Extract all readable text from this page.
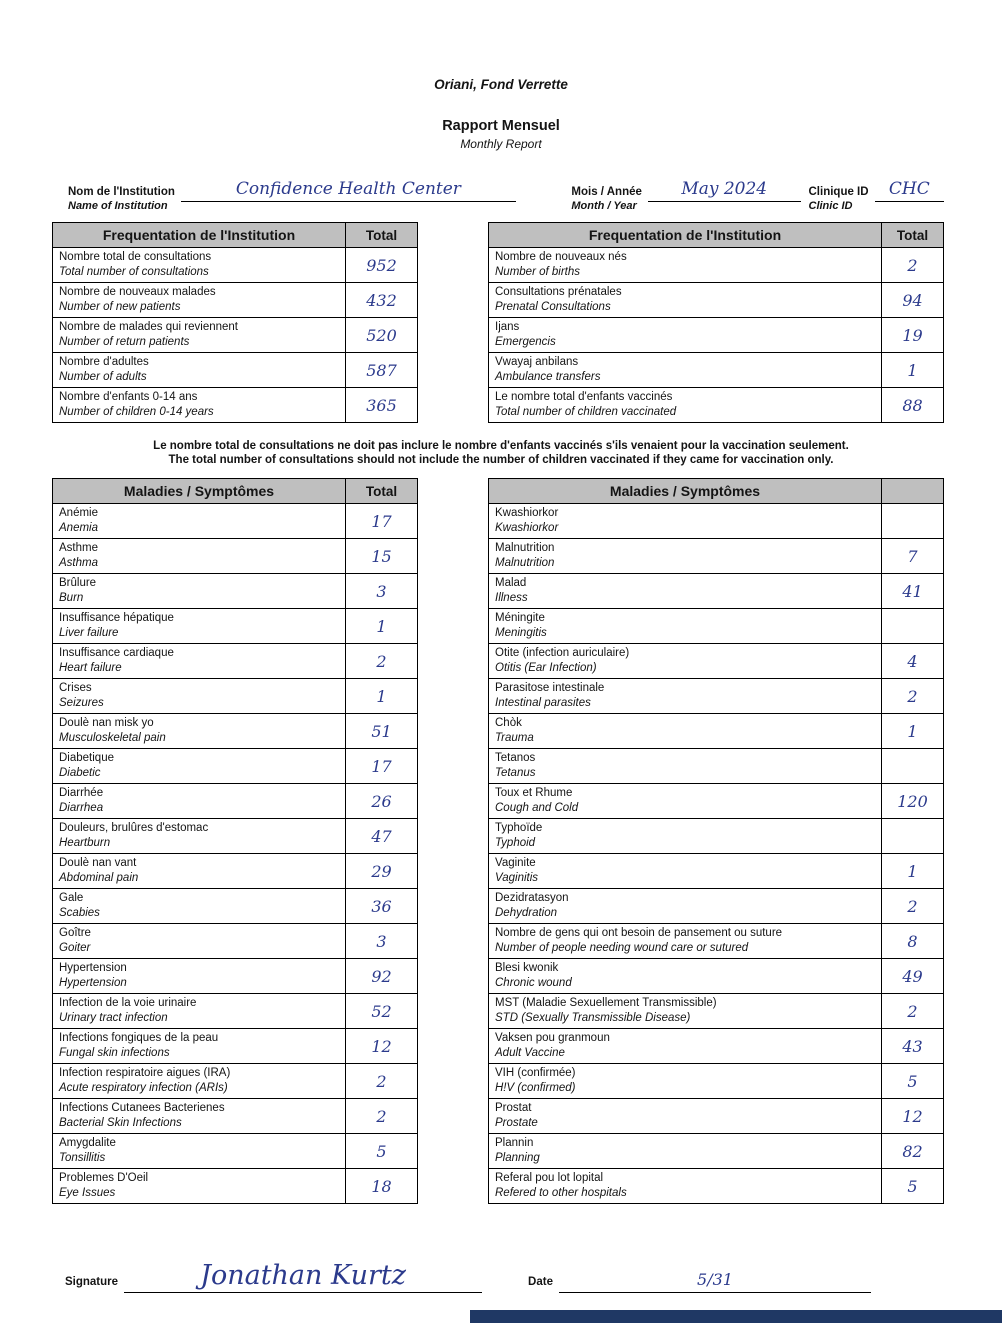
Oriani, Fond Verrette
Rapport Mensuel
Monthly Report
Nom de l'Institution
Name of Institution
Confidence Health Center	Mois / Année
Month / Year
May 2024	Clinique ID
Clinic ID
CHC
Frequentation de l'Institution	Total

Nombre total de consultations
Total number of consultations	952

Nombre de nouveaux malades
Number of new patients	432

Nombre de malades qui reviennent
Number of return patients	520

Nombre d'adultes
Number of adults	587

Nombre d'enfants 0-14 ans
Number of children 0-14 years	365
Frequentation de l'Institution	Total

Nombre de nouveaux nés
Number of births	2

Consultations prénatales
Prenatal Consultations	94

Ijans
Emergencis	19

Vwayaj anbilans
Ambulance transfers	1

Le nombre total d'enfants vaccinés
Total number of children vaccinated	88
Le nombre total de consultations ne doit pas inclure le nombre d'enfants vaccinés s'ils venaient pour la vaccination seulement.
The total number of consultations should not include the number of children vaccinated if they came for vaccination only.
Maladies / Symptômes	Total

Anémie
Anemia	17

Asthme
Asthma	15

Brûlure
Burn	3

Insuffisance hépatique
Liver failure	1

Insuffisance cardiaque
Heart failure	2

Crises
Seizures	1

Doulè nan misk yo
Musculoskeletal pain	51

Diabetique
Diabetic	17

Diarrhée
Diarrhea	26

Douleurs, brulûres d'estomac
Heartburn	47

Doulè nan vant
Abdominal pain	29

Gale
Scabies	36

Goître
Goiter	3

Hypertension
Hypertension	92

Infection de la voie urinaire
Urinary tract infection	52

Infections fongiques de la peau
Fungal skin infections	12

Infection respiratoire aigues (IRA)
Acute respiratory infection (ARIs)	2

Infections Cutanees Bacterienes
Bacterial Skin Infections	2

Amygdalite
Tonsillitis	5

Problemes D'Oeil
Eye Issues	18
Maladies / Symptômes	

Kwashiorkor
Kwashiorkor	

Malnutrition
Malnutrition	7

Malad
Illness	41

Méningite
Meningitis	

Otite (infection auriculaire)
Otitis (Ear Infection)	4

Parasitose intestinale
Intestinal parasites	2

Chòk
Trauma	1

Tetanos
Tetanus	

Toux et Rhume
Cough and Cold	120

Typhoïde
Typhoid	

Vaginite
Vaginitis	1

Dezidratasyon
Dehydration	2

Nombre de gens qui ont besoin de pansement ou suture
Number of people needing wound care or sutured	8

Blesi kwonik
Chronic wound	49

MST (Maladie Sexuellement Transmissible)
STD (Sexually Transmissible Disease)	2

Vaksen pou granmoun
Adult Vaccine	43

VIH (confirmée)
H!V (confirmed)	5

Prostat
Prostate	12

Plannin
Planning	82

Referal pou lot lopital
Refered to other hospitals	5
Signature	Jonathan Kurtz	Date	5/31
